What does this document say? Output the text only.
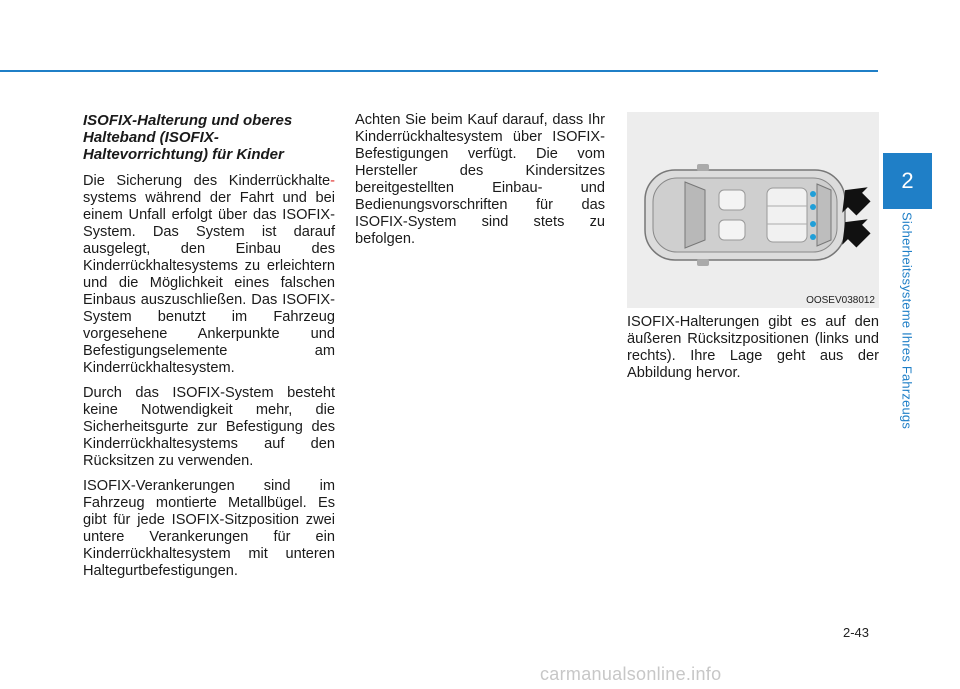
2
Sicherheitssysteme Ihres Fahrzeugs
ISOFIX-Halterung und oberes Halteband (ISOFIX-Haltevorrichtung) für Kinder

Die Sicherung des Kinderrückhalte- systems während der Fahrt und bei einem Unfall erfolgt über das ISOFIX-System. Das System ist darauf ausgelegt, den Einbau des Kinderrückhaltesystems zu erleichtern und die Möglichkeit eines falschen Einbaus auszuschließen. Das ISOFIX-System benutzt im Fahrzeug vorgesehene Ankerpunkte und Befestigungselemente am Kinderrückhaltesystem.

Durch das ISOFIX-System besteht keine Notwendigkeit mehr, die Sicherheitsgurte zur Befestigung des Kinderrückhaltesystems auf den Rücksitzen zu verwenden.

ISOFIX-Verankerungen sind im Fahrzeug montierte Metallbügel. Es gibt für jede ISOFIX-Sitzposition zwei untere Verankerungen für ein Kinderrückhaltesystem mit unteren Haltegurtbefestigungen.

Achten Sie beim Kauf darauf, dass Ihr Kinderrückhaltesystem über ISOFIX-Befestigungen verfügt. Die vom Hersteller des Kindersitzes bereitgestellten Einbau- und Bedienungsvorschriften für das ISOFIX-System sind stets zu befolgen.

OOSEV038012

ISOFIX-Halterungen gibt es auf den äußeren Rücksitzpositionen (links und rechts). Ihre Lage geht aus der Abbildung hervor.

2-43
carmanualsonline.info
